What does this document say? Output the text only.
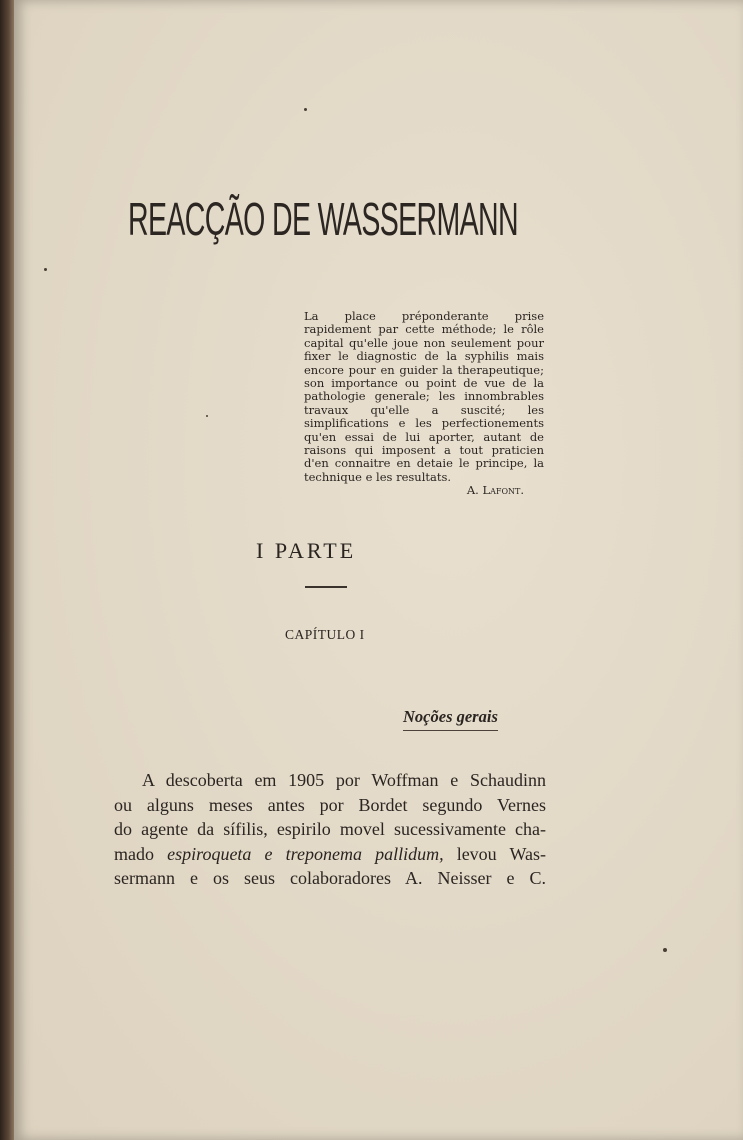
REACÇÃO DE WASSERMANN
La place préponderante prise rapidement par cette méthode; le rôle capital qu'elle joue non seulement pour fixer le diagnostic de la syphilis mais encore pour en guider la therapeutique; son importance ou point de vue de la pathologie generale; les innombrables travaux qu'elle a suscité; les simplifications e les perfectionements qu'en essai de lui aporter, autant de raisons qui imposent a tout praticien d'en connaitre en detaie le principe, la technique e les resultats.
A. Lafont.
I PARTE
CAPÍTULO I
Noções gerais
A descoberta em 1905 por Woffman e Schaudinn
ou alguns meses antes por Bordet segundo Vernes
do agente da sífilis, espirilo movel sucessivamente cha-
mado espiroqueta e treponema pallidum, levou Was-
sermann e os seus colaboradores A. Neisser e C.
